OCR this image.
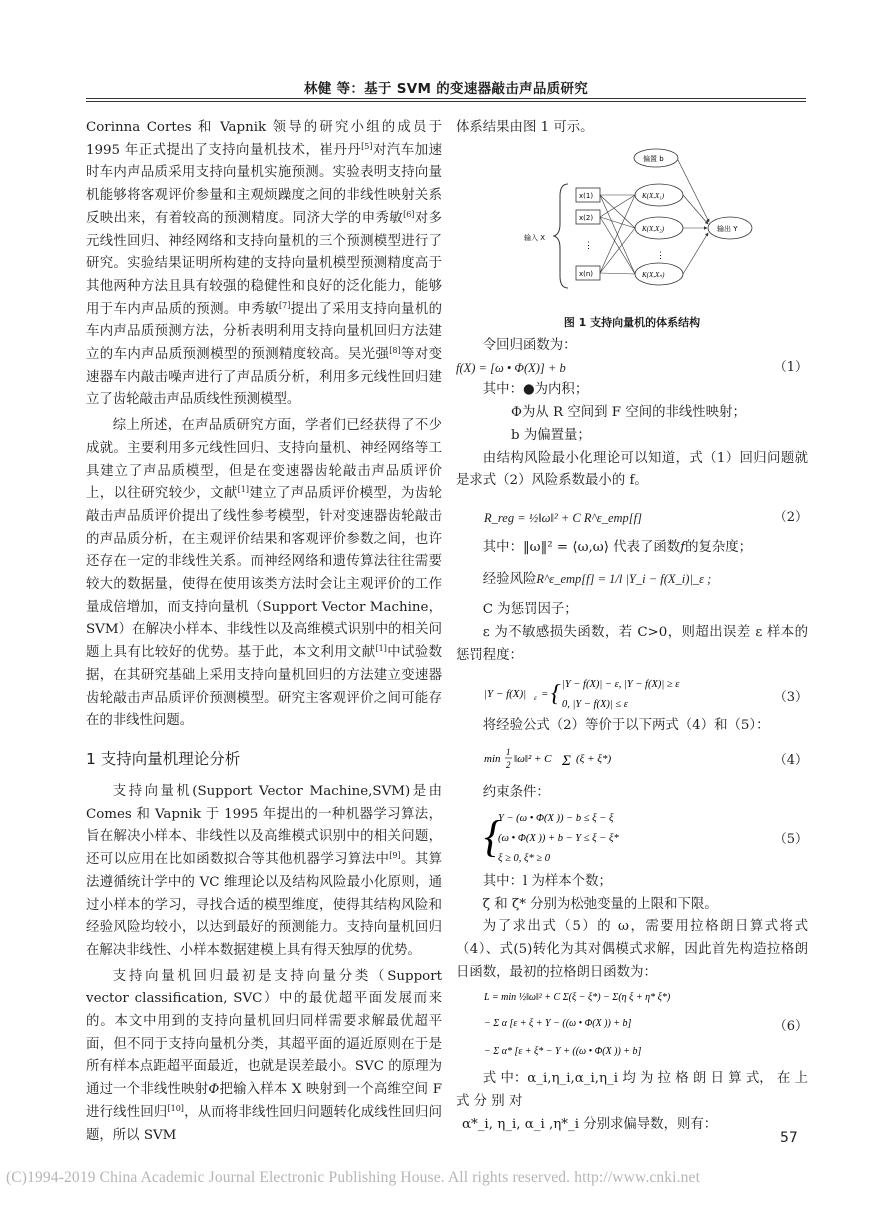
林健 等：基于 SVM 的变速器敲击声品质研究

Corinna Cortes 和 Vapnik 领导的研究小组的成员于 1995 年正式提出了支持向量机技术，崔丹丹[5]对汽车加速时车内声品质采用支持向量机实施预测。实验表明支持向量机能够将客观评价参量和主观烦躁度之间的非线性映射关系反映出来，有着较高的预测精度。同济大学的申秀敏[6]对多元线性回归、神经网络和支持向量机的三个预测模型进行了研究。实验结果证明所构建的支持向量机模型预测精度高于其他两种方法且具有较强的稳健性和良好的泛化能力，能够用于车内声品质的预测。申秀敏[7]提出了采用支持向量机的车内声品质预测方法，分析表明利用支持向量机回归方法建立的车内声品质预测模型的预测精度较高。吴光强[8]等对变速器车内敲击噪声进行了声品质分析，利用多元线性回归建立了齿轮敲击声品质线性预测模型。

综上所述，在声品质研究方面，学者们已经获得了不少成就。主要利用多元线性回归、支持向量机、神经网络等工具建立了声品质模型，但是在变速器齿轮敲击声品质评价上，以往研究较少，文献[1]建立了声品质评价模型，为齿轮敲击声品质评价提出了线性参考模型，针对变速器齿轮敲击的声品质分析，在主观评价结果和客观评价参数之间，也许还存在一定的非线性关系。而神经网络和遗传算法往往需要较大的数据量，使得在使用该类方法时会让主观评价的工作量成倍增加，而支持向量机（Support Vector Machine，SVM）在解决小样本、非线性以及高维模式识别中的相关问题上具有比较好的优势。基于此，本文利用文献[1]中试验数据，在其研究基础上采用支持向量机回归的方法建立变速器齿轮敲击声品质评价预测模型。研究主客观评价之间可能存在的非线性问题。

1 支持向量机理论分析

支持向量机(Support Vector Machine,SVM)是由 Comes 和 Vapnik 于 1995 年提出的一种机器学习算法，旨在解决小样本、非线性以及高维模式识别中的相关问题，还可以应用在比如函数拟合等其他机器学习算法中[9]。其算法遵循统计学中的 VC 维理论以及结构风险最小化原则，通过小样本的学习，寻找合适的模型维度，使得其结构风险和经验风险均较小，以达到最好的预测能力。支持向量机回归在解决非线性、小样本数据建模上具有得天独厚的优势。

支持向量机回归最初是支持向量分类（Support vector classification, SVC）中的最优超平面发展而来的。本文中用到的支持向量机回归同样需要求解最优超平面，但不同于支持向量机分类，其超平面的逼近原则在于是所有样本点距超平面最近，也就是误差最小。SVC 的原理为通过一个非线性映射Φ把输入样本 X 映射到一个高维空间 F 进行线性回归[10]，从而将非线性回归问题转化成线性回归问题，所以 SVM

体系结果由图 1 可示。

输入 X
x(1)
x(2)
⋮
x(n)
偏置 b
K(X,X₁)
K(X,X₂)
⋮
K(X,Xₙ)
输出 Y
图 1 支持向量机的体系结构

令回归函数为：

f(X) = [ω • Φ(X)] + b	（1）

其中：●为内积；

Φ为从 R 空间到 F 空间的非线性映射；

b 为偏置量；

由结构风险最小化理论可以知道，式（1）回归问题就是求式（2）风险系数最小的 f。

R_reg = ½‖ω‖² + C R^ε_emp[f]	（2）

其中：‖ω‖² = ⟨ω,ω⟩ 代表了函数f的复杂度；

经验风险R^ε_emp[f] = 1/l |Y_i − f(X_i)|_ε ;

C 为惩罚因子；

ε 为不敏感损失函数，若 C>0，则超出误差 ε 样本的惩罚程度：

|Y − f(X)| ε = { |Y − f(X)| − ε, |Y − f(X)| ≥ ε
0, |Y − f(X)| ≤ ε	（3）

将经验公式（2）等价于以下两式（4）和（5）：

min
1
2 ‖ω‖² + C Σ (ξ + ξ*)	（4）

约束条件：

{
Y − (ω • Φ(X )) − b ≤ ξ − ξ
(ω • Φ(X )) + b − Y ≤ ξ − ξ*
ξ ≥ 0, ξ* ≥ 0
（5）

其中：l 为样本个数；

ζ 和 ζ* 分别为松弛变量的上限和下限。

为了求出式（5）的 ω，需要用拉格朗日算式将式（4）、式(5)转化为其对偶模式求解，因此首先构造拉格朗日函数，最初的拉格朗日函数为：

L = min ½‖ω‖² + C Σ(ξ − ξ*) − Σ(η ξ + η* ξ*)
− Σ α [ε + ξ + Y − ((ω • Φ(X )) + b]
− Σ α* [ε + ξ* − Y + ((ω • Φ(X )) + b]
（6）

式 中：α_i,η_i,α_i,η_i 均 为 拉 格 朗 日 算 式， 在 上 式 分 别 对

α*_i, η_i, α_i ,η*_i 分别求偏导数，则有：

57
(C)1994-2019 China Academic Journal Electronic Publishing House. All rights reserved. http://www.cnki.net
